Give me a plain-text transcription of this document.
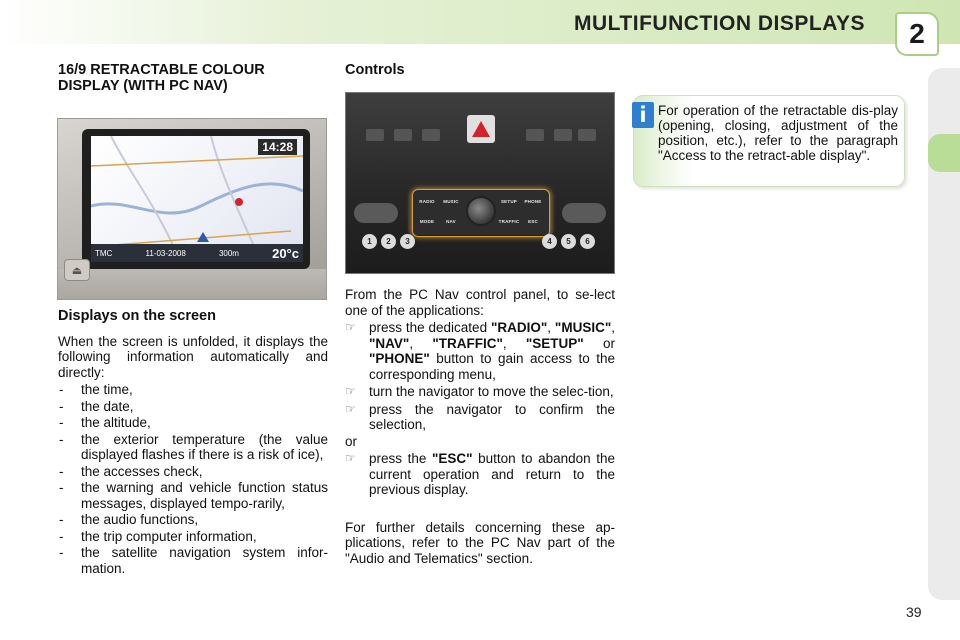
MULTIFUNCTION DISPLAYS	2
16/9 RETRACTABLE COLOUR DISPLAY (WITH PC NAV)
Controls
14:28
TMC	11-03-2008	300m	20°c
⏏
RADIO	MUSIC	SETUP	PHONE
MODE	NAV	TRAFFIC	ESC
1	2	3	4	5	6
Displays on the screen

When the screen is unfolded, it displays the following information automatically and directly:

- the time,
- the date,
- the altitude,
- the exterior temperature (the value displayed flashes if there is a risk of ice),
- the accesses check,
- the warning and vehicle function status messages, displayed tempo-rarily,
- the audio functions,
- the trip computer information,
- the satellite navigation system infor-mation.

From the PC Nav control panel, to se-lect one of the applications:

☞ press the dedicated "RADIO", "MUSIC", "NAV", "TRAFFIC", "SETUP" or "PHONE" button to gain access to the corresponding menu,
☞ turn the navigator to move the selec-tion,
☞ press the navigator to confirm the selection,
or
☞ press the "ESC" button to abandon the current operation and return to the previous display.

For further details concerning these ap-plications, refer to the PC Nav part of the "Audio and Telematics" section.

i For operation of the retractable dis-play (opening, closing, adjustment of the position, etc.), refer to the paragraph "Access to the retract-able display".
39
